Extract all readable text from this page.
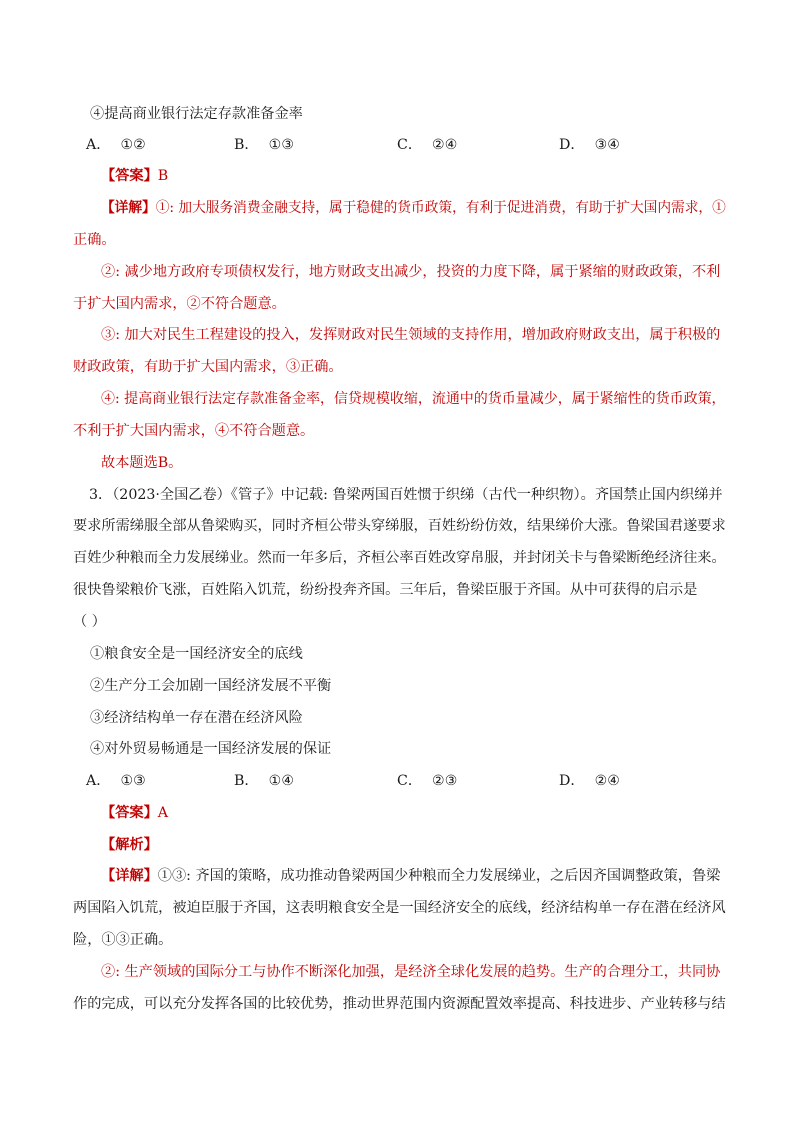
④提高商业银行法定存款准备金率
A． ①②	B． ①③	C． ②④	D． ③④
【答案】B
【详解】①: 加大服务消费金融支持，属于稳健的货币政策，有利于促进消费，有助于扩大国内需求，①
正确。
②: 减少地方政府专项债权发行，地方财政支出减少，投资的力度下降，属于紧缩的财政政策，不利
于扩大国内需求，②不符合题意。
③: 加大对民生工程建设的投入，发挥财政对民生领域的支持作用，增加政府财政支出，属于积极的
财政政策，有助于扩大国内需求，③正确。
④: 提高商业银行法定存款准备金率，信贷规模收缩，流通中的货币量减少，属于紧缩性的货币政策，
不利于扩大国内需求，④不符合题意。
故本题选B。
3．（2023·全国乙卷）《管子》中记载: 鲁梁两国百姓惯于织绨（古代一种织物）。齐国禁止国内织绨并
要求所需绨服全部从鲁梁购买，同时齐桓公带头穿绨服，百姓纷纷仿效，结果绨价大涨。鲁梁国君遂要求
百姓少种粮而全力发展绨业。然而一年多后，齐桓公率百姓改穿帛服，并封闭关卡与鲁梁断绝经济往来。
很快鲁梁粮价飞涨，百姓陷入饥荒，纷纷投奔齐国。三年后，鲁梁臣服于齐国。从中可获得的启示是
（ ）
①粮食安全是一国经济安全的底线
②生产分工会加剧一国经济发展不平衡
③经济结构单一存在潜在经济风险
④对外贸易畅通是一国经济发展的保证
A． ①③	B． ①④	C． ②③	D． ②④
【答案】A
【解析】
【详解】①③: 齐国的策略，成功推动鲁梁两国少种粮而全力发展绨业，之后因齐国调整政策，鲁梁
两国陷入饥荒，被迫臣服于齐国，这表明粮食安全是一国经济安全的底线，经济结构单一存在潜在经济风
险，①③正确。
②: 生产领域的国际分工与协作不断深化加强，是经济全球化发展的趋势。生产的合理分工，共同协
作的完成，可以充分发挥各国的比较优势，推动世界范围内资源配置效率提高、科技进步、产业转移与结
